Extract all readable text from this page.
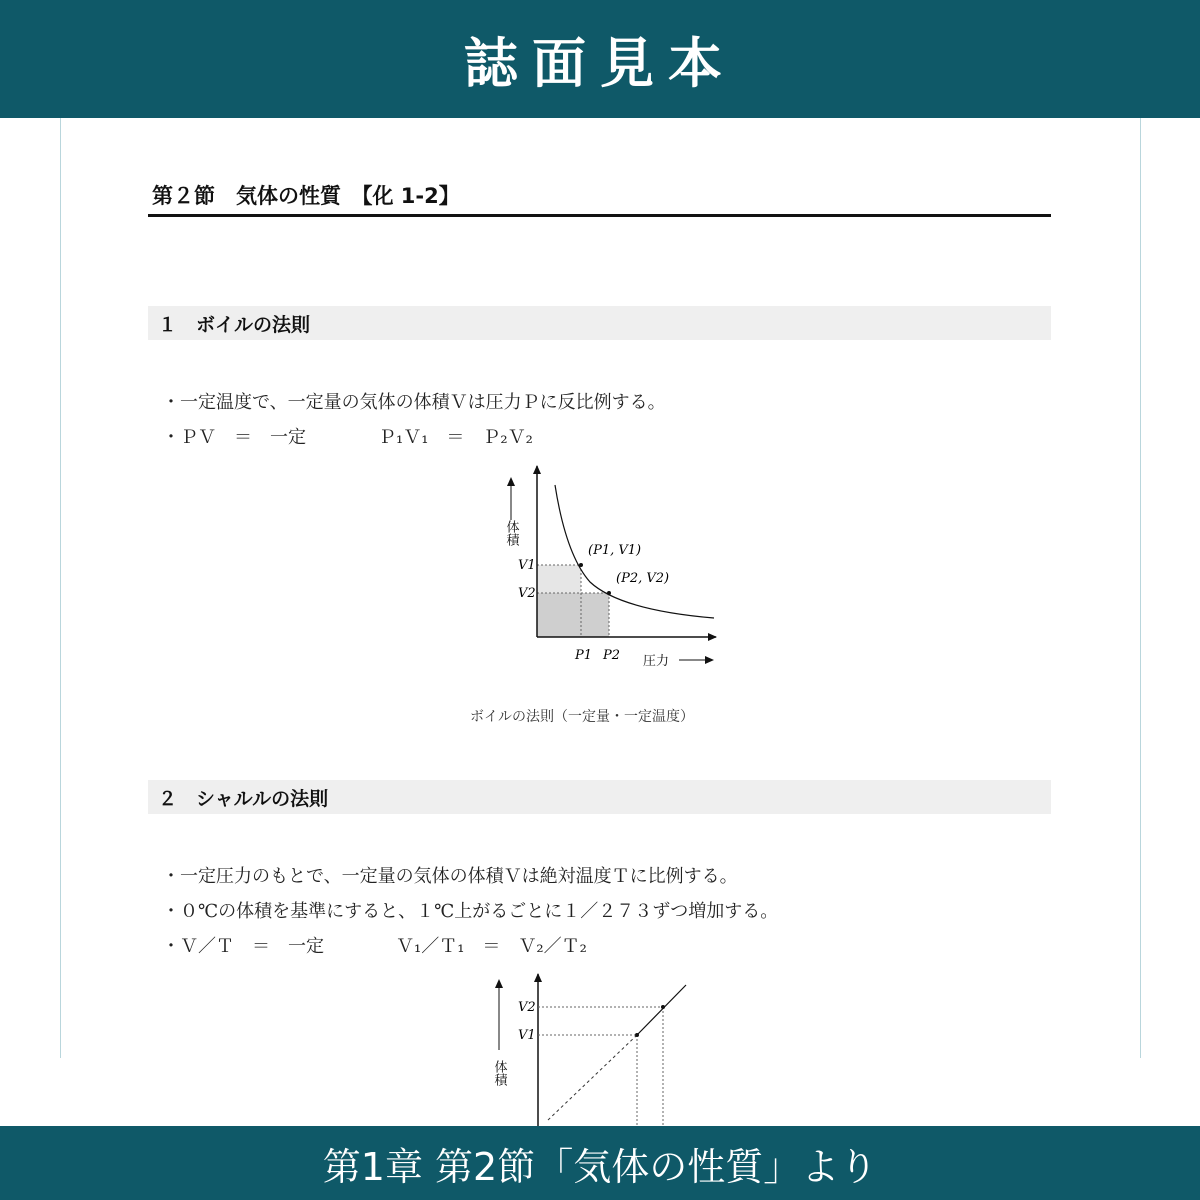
誌面見本
第２節　気体の性質　【化 1-2】
１　ボイルの法則
・一定温度で、一定量の気体の体積Ｖは圧力Ｐに反比例する。
・ＰＶ　＝　一定　　　　Ｐ₁Ｖ₁　＝　Ｐ₂Ｖ₂
体積
圧力
V1
V2
P1 P2
(P1, V1)
(P2, V2)
ボイルの法則（一定量・一定温度）
２　シャルルの法則
・一定圧力のもとで、一定量の気体の体積Ｖは絶対温度Ｔに比例する。
・０℃の体積を基準にすると、１℃上がるごとに１／２７３ずつ増加する。
・Ｖ／Ｔ　＝　一定　　　　Ｖ₁／Ｔ₁　＝　Ｖ₂／Ｔ₂
体積
V2
V1
第1章 第2節「気体の性質」より
